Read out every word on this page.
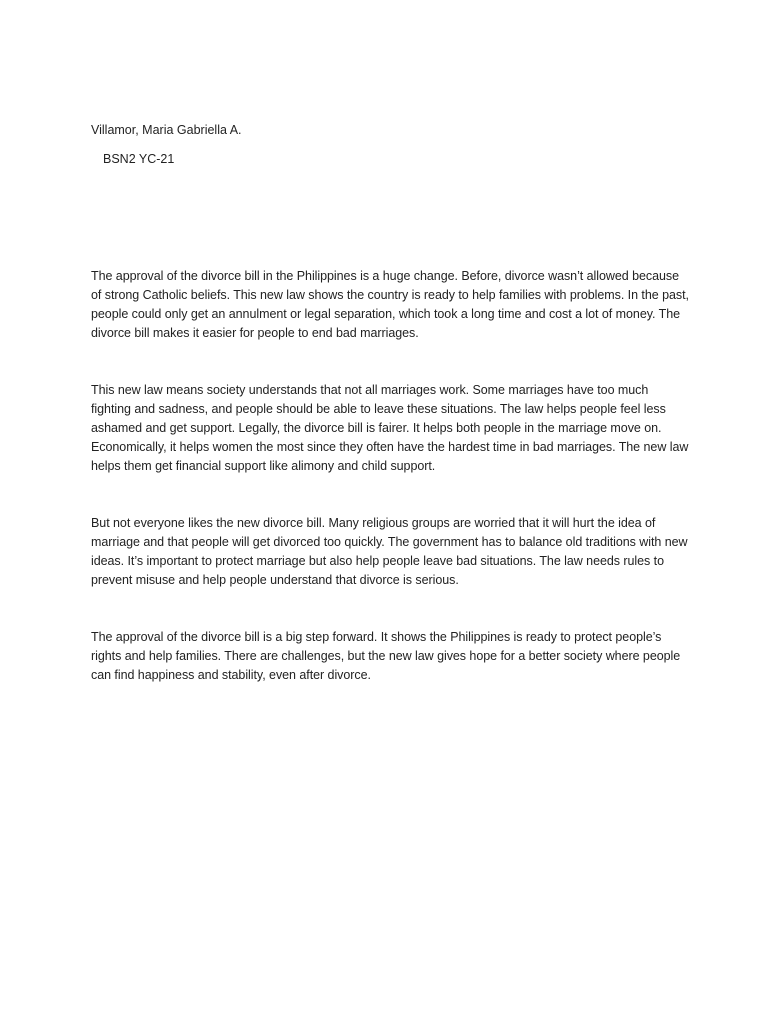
Villamor, Maria Gabriella A.

BSN2 YC-21

The approval of the divorce bill in the Philippines is a huge change. Before, divorce wasn’t allowed because of strong Catholic beliefs. This new law shows the country is ready to help families with problems. In the past, people could only get an annulment or legal separation, which took a long time and cost a lot of money. The divorce bill makes it easier for people to end bad marriages.

This new law means society understands that not all marriages work. Some marriages have too much fighting and sadness, and people should be able to leave these situations. The law helps people feel less ashamed and get support. Legally, the divorce bill is fairer. It helps both people in the marriage move on. Economically, it helps women the most since they often have the hardest time in bad marriages. The new law helps them get financial support like alimony and child support.

But not everyone likes the new divorce bill. Many religious groups are worried that it will hurt the idea of marriage and that people will get divorced too quickly. The government has to balance old traditions with new ideas. It’s important to protect marriage but also help people leave bad situations. The law needs rules to prevent misuse and help people understand that divorce is serious.

The approval of the divorce bill is a big step forward. It shows the Philippines is ready to protect people’s rights and help families. There are challenges, but the new law gives hope for a better society where people can find happiness and stability, even after divorce.
